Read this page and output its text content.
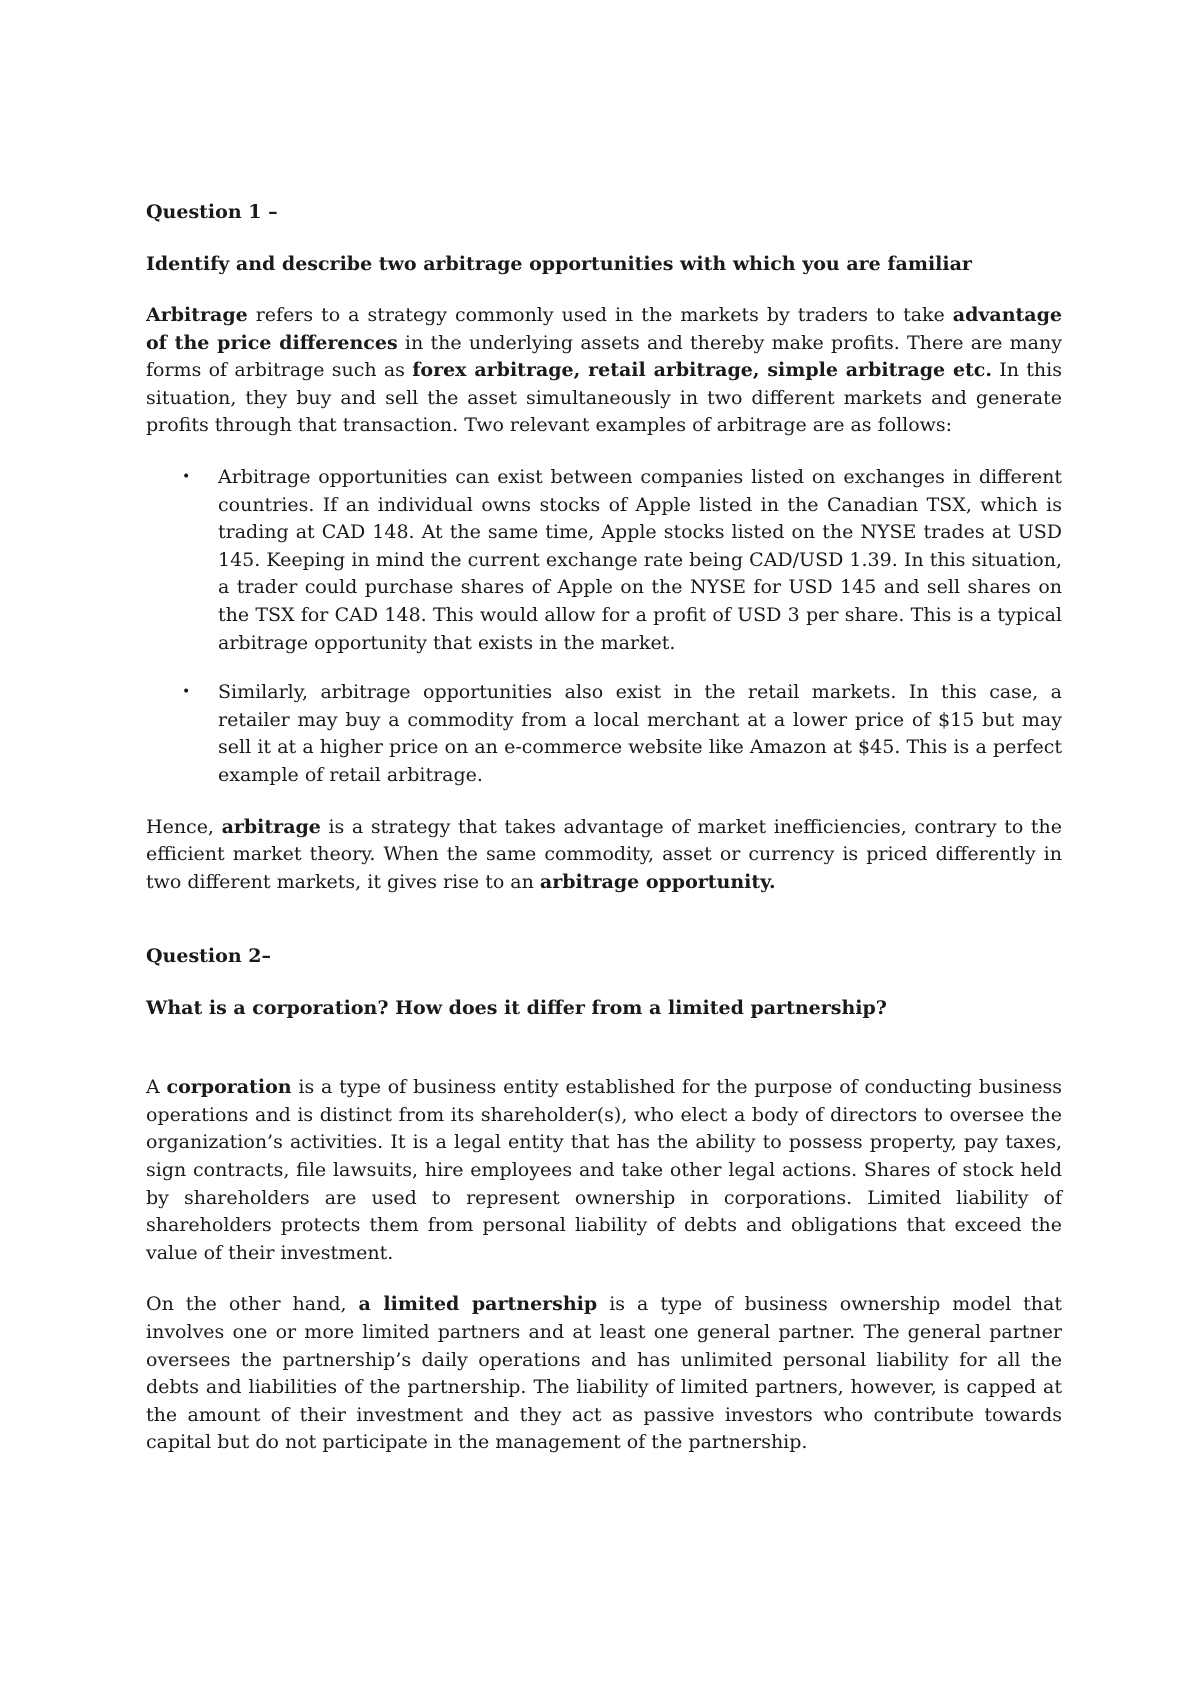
Question 1 –
Identify and describe two arbitrage opportunities with which you are familiar

Arbitrage refers to a strategy commonly used in the markets by traders to take advantage of the price differences in the underlying assets and thereby make profits. There are many forms of arbitrage such as forex arbitrage, retail arbitrage, simple arbitrage etc. In this situation, they buy and sell the asset simultaneously in two different markets and generate profits through that transaction. Two relevant examples of arbitrage are as follows:

• Arbitrage opportunities can exist between companies listed on exchanges in different countries. If an individual owns stocks of Apple listed in the Canadian TSX, which is trading at CAD 148. At the same time, Apple stocks listed on the NYSE trades at USD 145. Keeping in mind the current exchange rate being CAD/USD 1.39. In this situation, a trader could purchase shares of Apple on the NYSE for USD 145 and sell shares on the TSX for CAD 148. This would allow for a profit of USD 3 per share. This is a typical arbitrage opportunity that exists in the market.
• Similarly, arbitrage opportunities also exist in the retail markets. In this case, a retailer may buy a commodity from a local merchant at a lower price of $15 but may sell it at a higher price on an e-commerce website like Amazon at $45. This is a perfect example of retail arbitrage.

Hence, arbitrage is a strategy that takes advantage of market inefficiencies, contrary to the efficient market theory. When the same commodity, asset or currency is priced differently in two different markets, it gives rise to an arbitrage opportunity.

Question 2–
What is a corporation? How does it differ from a limited partnership?

A corporation is a type of business entity established for the purpose of conducting business operations and is distinct from its shareholder(s), who elect a body of directors to oversee the organization’s activities. It is a legal entity that has the ability to possess property, pay taxes, sign contracts, file lawsuits, hire employees and take other legal actions. Shares of stock held by shareholders are used to represent ownership in corporations. Limited liability of shareholders protects them from personal liability of debts and obligations that exceed the value of their investment.

On the other hand, a limited partnership is a type of business ownership model that involves one or more limited partners and at least one general partner. The general partner oversees the partnership’s daily operations and has unlimited personal liability for all the debts and liabilities of the partnership. The liability of limited partners, however, is capped at the amount of their investment and they act as passive investors who contribute towards capital but do not participate in the management of the partnership.
